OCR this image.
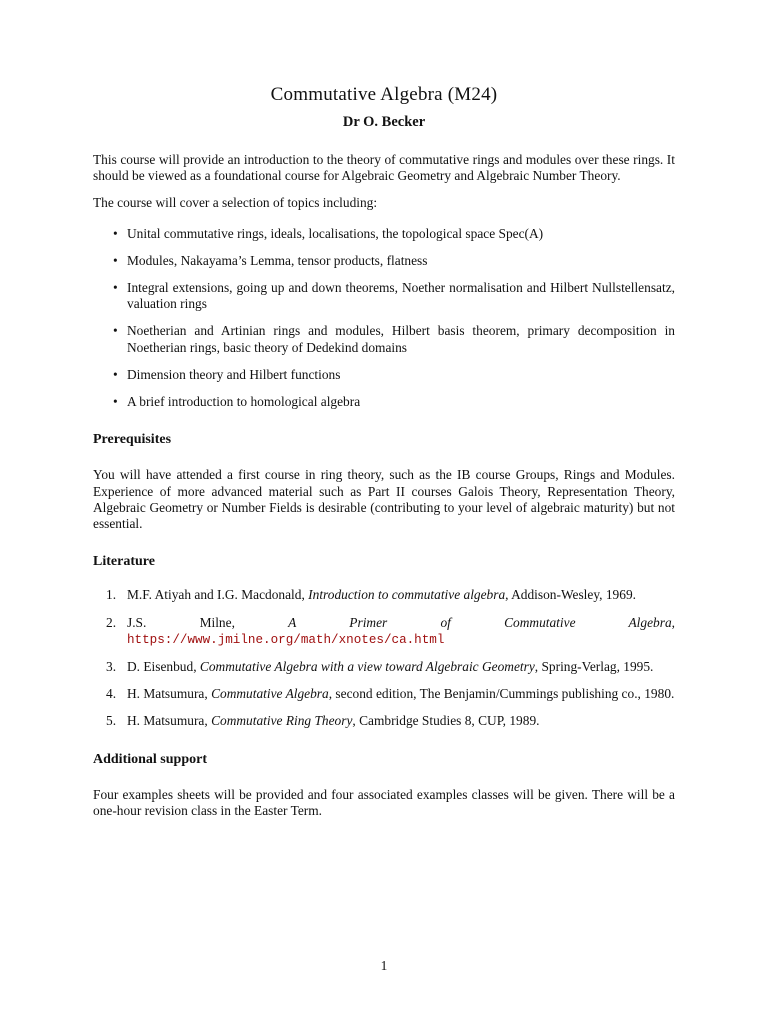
Commutative Algebra (M24)
Dr O. Becker

This course will provide an introduction to the theory of commutative rings and modules over these rings. It should be viewed as a foundational course for Algebraic Geometry and Algebraic Number Theory.

The course will cover a selection of topics including:

• Unital commutative rings, ideals, localisations, the topological space Spec(A)
• Modules, Nakayama’s Lemma, tensor products, flatness
• Integral extensions, going up and down theorems, Noether normalisation and Hilbert Nullstellensatz, valuation rings
• Noetherian and Artinian rings and modules, Hilbert basis theorem, primary decomposition in Noetherian rings, basic theory of Dedekind domains
• Dimension theory and Hilbert functions
• A brief introduction to homological algebra
Prerequisites

You will have attended a first course in ring theory, such as the IB course Groups, Rings and Modules. Experience of more advanced material such as Part II courses Galois Theory, Representation Theory, Algebraic Geometry or Number Fields is desirable (contributing to your level of algebraic maturity) but not essential.

Literature
1. M.F. Atiyah and I.G. Macdonald, Introduction to commutative algebra, Addison-Wesley, 1969.
2. J.S. Milne, A Primer of Commutative Algebra, https://www.jmilne.org/math/xnotes/ca.html
3. D. Eisenbud, Commutative Algebra with a view toward Algebraic Geometry, Spring-Verlag, 1995.
4. H. Matsumura, Commutative Algebra, second edition, The Benjamin/Cummings publishing co., 1980.
5. H. Matsumura, Commutative Ring Theory, Cambridge Studies 8, CUP, 1989.
Additional support

Four examples sheets will be provided and four associated examples classes will be given. There will be a one-hour revision class in the Easter Term.

1
